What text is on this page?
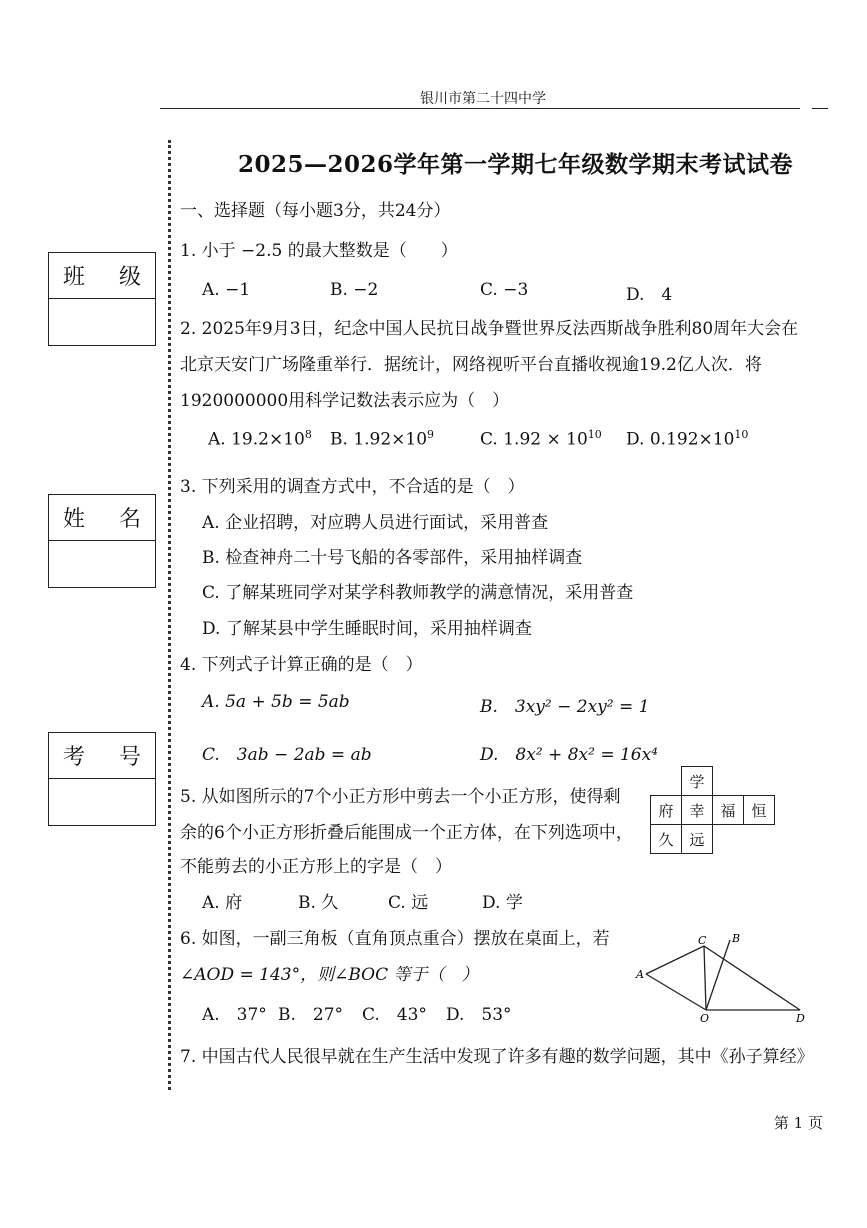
银川市第二十四中学
班 级
姓 名
考 号
2025—2026学年第一学期七年级数学期末考试试卷
一、选择题（每小题3分，共24分）
1. 小于 −2.5 的最大整数是（　　）
A. −1	B. −2	C. −3	D.　4
2. 2025年9月3日，纪念中国人民抗日战争暨世界反法西斯战争胜利80周年大会在
北京天安门广场隆重举行．据统计，网络视听平台直播收视逾19.2亿人次．将
1920000000用科学记数法表示应为（　）
A. $19.2\times 10^8$ B. $1.92\times 10^9$	C. $1.92 \times 10^{10}$ D. $0.192\times 10^{10}$
3. 下列采用的调查方式中，不合适的是（　）
A. 企业招聘，对应聘人员进行面试，采用普查
B. 检查神舟二十号飞船的各零部件，采用抽样调查
C. 了解某班同学对某学科教师教学的满意情况，采用普查
D. 了解某县中学生睡眠时间，采用抽样调查
4. 下列式子计算正确的是（　）
A. 5a + 5b = 5ab	B.　3xy² − 2xy² = 1
C.　3ab − 2ab = ab	D.　8x² + 8x² = 16x⁴
5. 从如图所示的7个小正方形中剪去一个小正方形，使得剩
余的6个小正方形折叠后能围成一个正方体，在下列选项中，
不能剪去的小正方形上的字是（　）
A. 府	B. 久	C. 远	D. 学
	学		
府	幸	福	恒
久	远		
6. 如图，一副三角板（直角顶点重合）摆放在桌面上，若
∠AOD = 143°，则∠BOC 等于（　）
A.　37° B.　27° C.　43° D.　53°
A
B
C
D
O
7. 中国古代人民很早就在生产生活中发现了许多有趣的数学问题，其中《孙子算经》
第 1 页
